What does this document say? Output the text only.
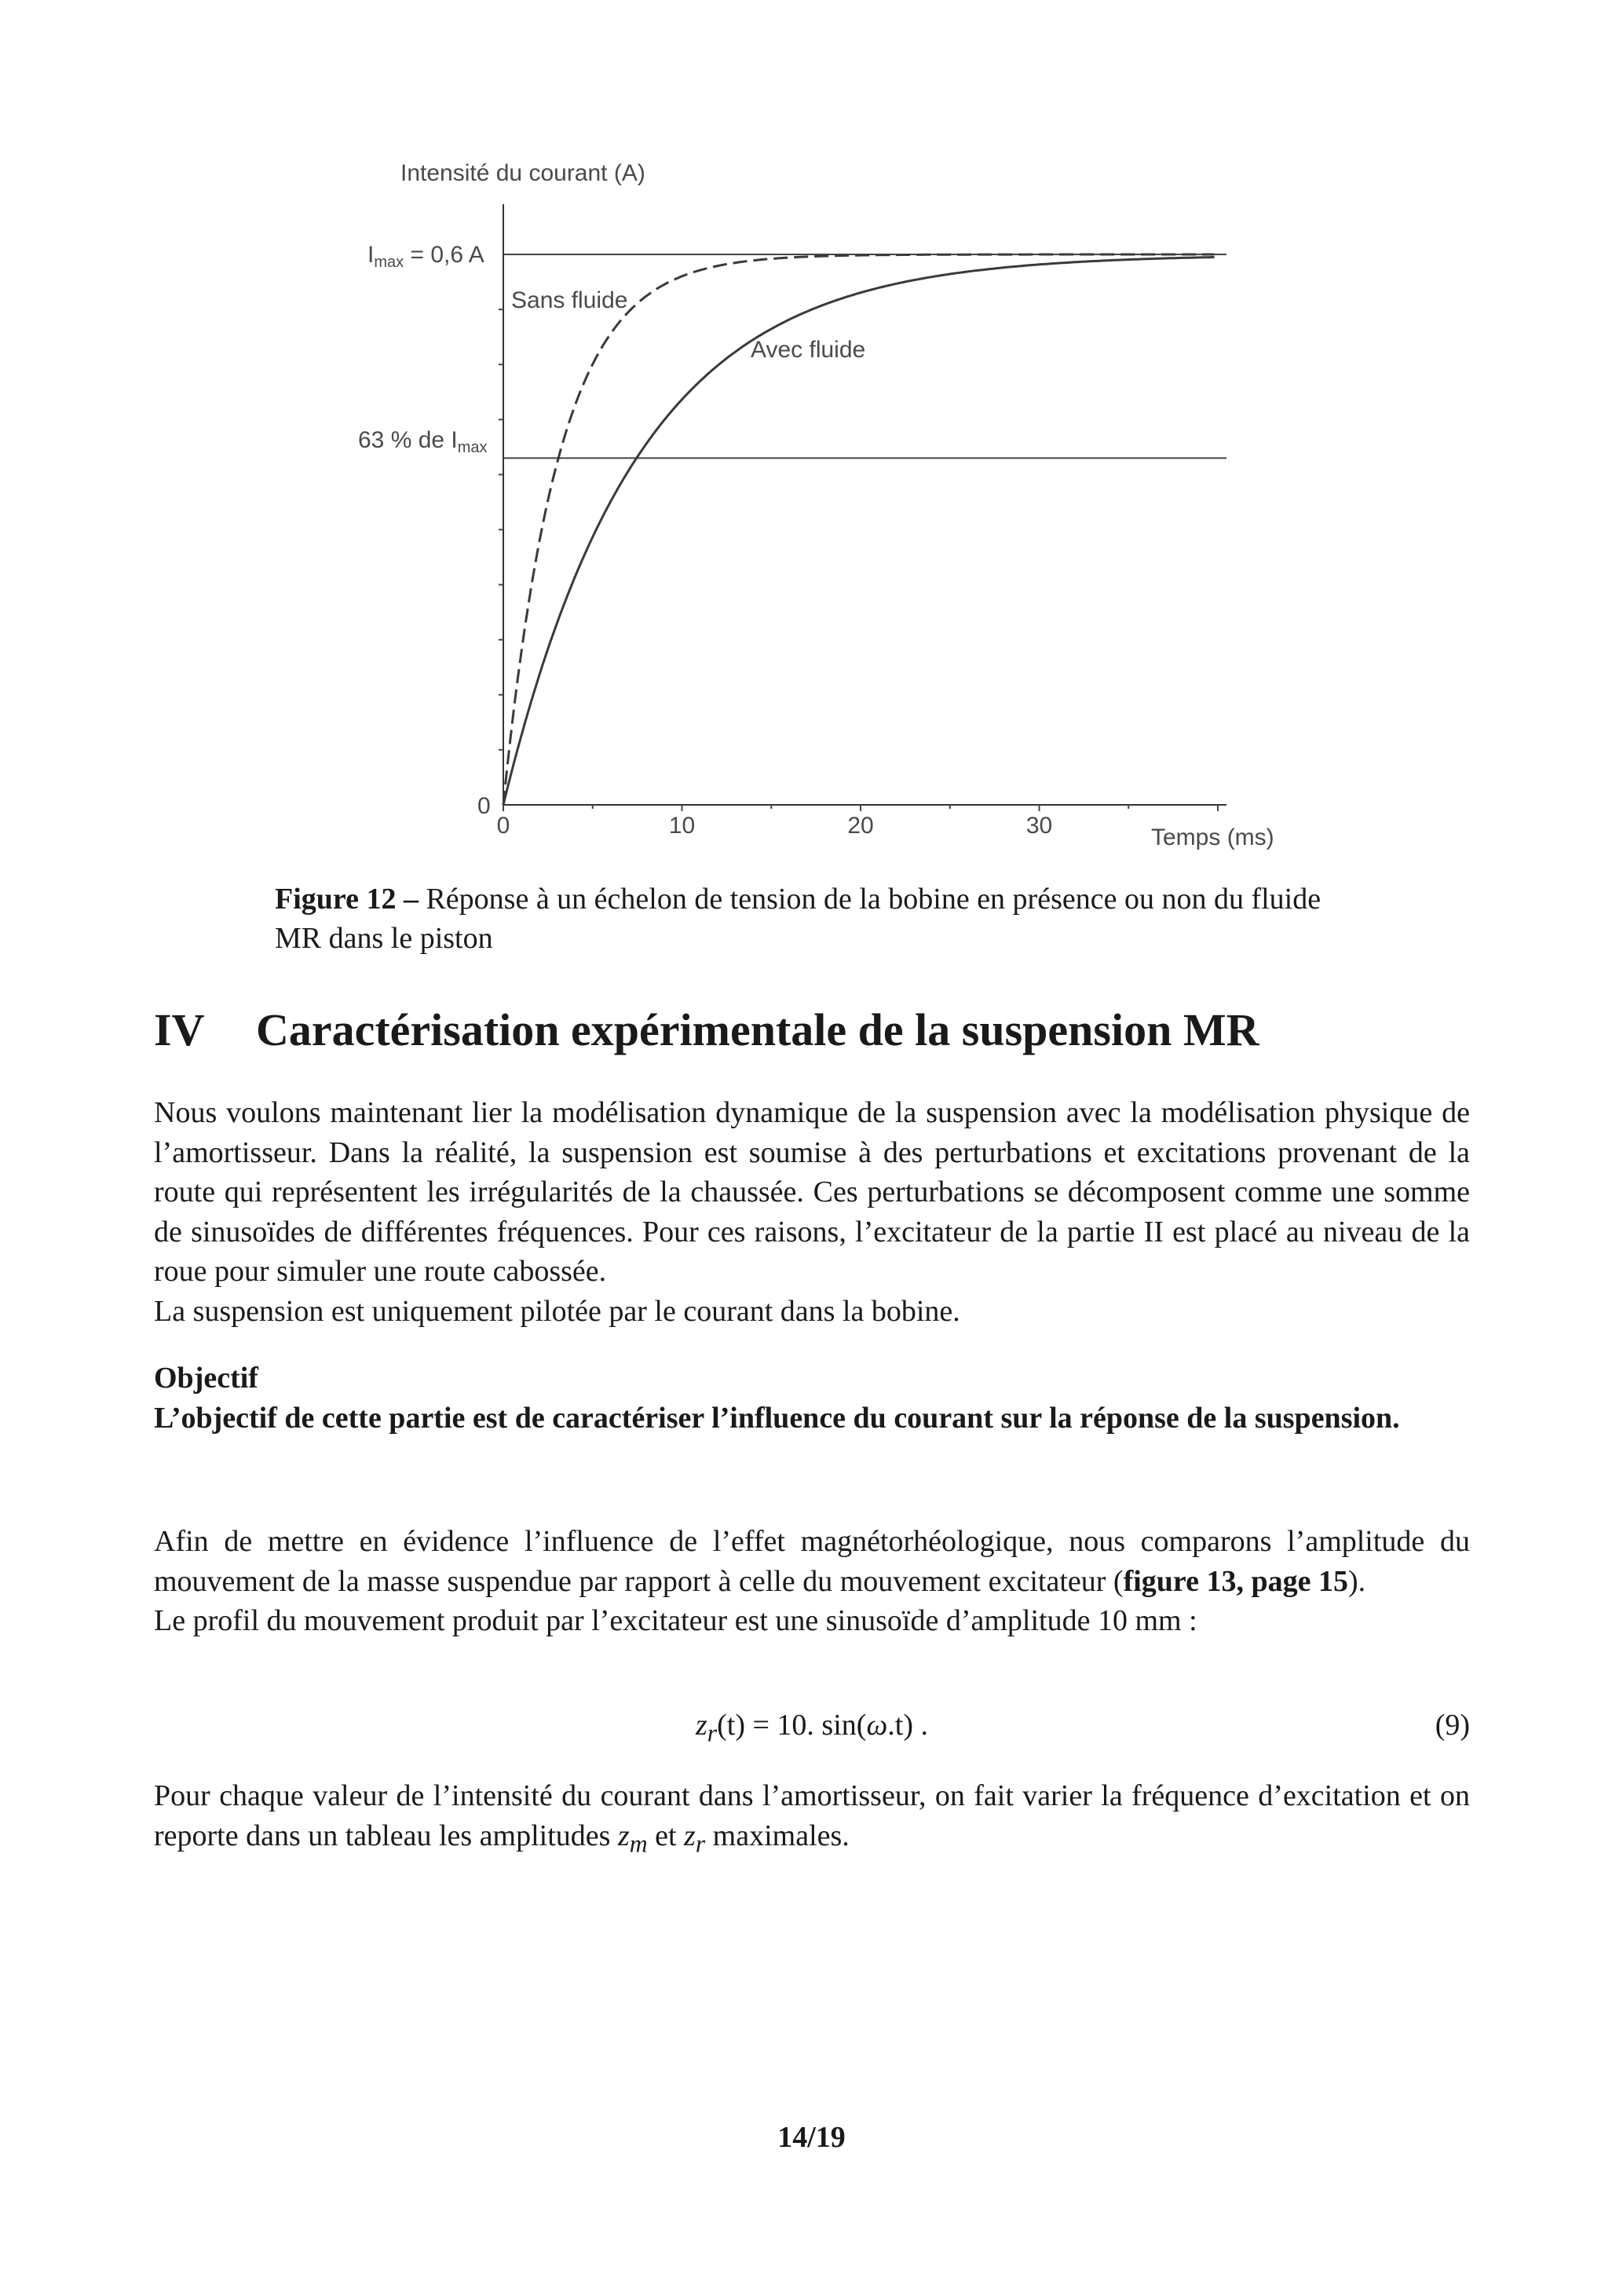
0	10	20	30
Intensité du courant (A)
$I_{max} = 0,6$ A
63 % de $I_{max}$
0
Sans fluide
Avec fluide
Temps (ms)
Figure 12 – Réponse à un échelon de tension de la bobine en présence ou non du fluide MR dans le piston
IV Caractérisation expérimentale de la suspension MR

Nous voulons maintenant lier la modélisation dynamique de la suspension avec la modélisation physique de l’amortisseur. Dans la réalité, la suspension est soumise à des perturbations et excitations provenant de la route qui représentent les irrégularités de la chaussée. Ces perturbations se décomposent comme une somme de sinusoïdes de différentes fréquences. Pour ces raisons, l’excitateur de la partie II est placé au niveau de la roue pour simuler une route cabossée.

La suspension est uniquement pilotée par le courant dans la bobine.

Objectif

L’objectif de cette partie est de caractériser l’influence du courant sur la réponse de la suspension.

Afin de mettre en évidence l’influence de l’effet magnétorhéologique, nous comparons l’amplitude du mouvement de la masse suspendue par rapport à celle du mouvement excitateur (figure 13, page 15).

Le profil du mouvement produit par l’excitateur est une sinusoïde d’amplitude 10 mm :

$z_r(t) = 10$. sin(ω.t) .	(9)

Pour chaque valeur de l’intensité du courant dans l’amortisseur, on fait varier la fréquence d’excitation et on reporte dans un tableau les amplitudes $z_m$ et $z_r$ maximales.

14/19
